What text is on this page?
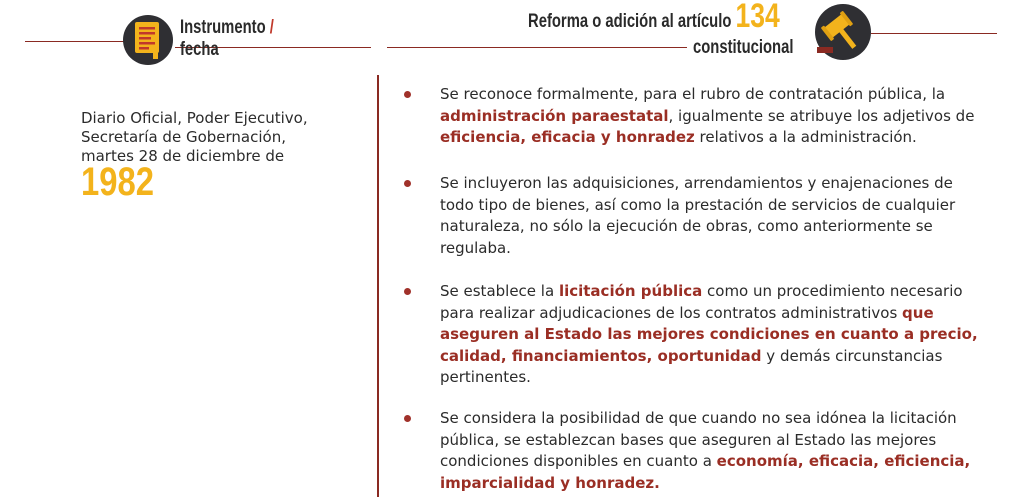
Instrumento /
fecha
Reforma o adición al artículo 134
constitucional
Diario Oficial, Poder Ejecutivo,
Secretaría de Gobernación,
martes 28 de diciembre de
1982
Se reconoce formalmente, para el rubro de contratación pública, la administración paraestatal, igualmente se atribuye los adjetivos de eficiencia, eficacia y honradez relativos a la administración.
Se incluyeron las adquisiciones, arrendamientos y enajenaciones de todo tipo de bienes, así como la prestación de servicios de cualquier naturaleza, no sólo la ejecución de obras, como anteriormente se regulaba.
Se establece la licitación pública como un procedimiento necesario para realizar adjudicaciones de los contratos administrativos que aseguren al Estado las mejores condiciones en cuanto a precio, calidad, financiamientos, oportunidad y demás circunstancias pertinentes.
Se considera la posibilidad de que cuando no sea idónea la licitación pública, se establezcan bases que aseguren al Estado las mejores condiciones disponibles en cuanto a economía, eficacia, eficiencia, imparcialidad y honradez.
